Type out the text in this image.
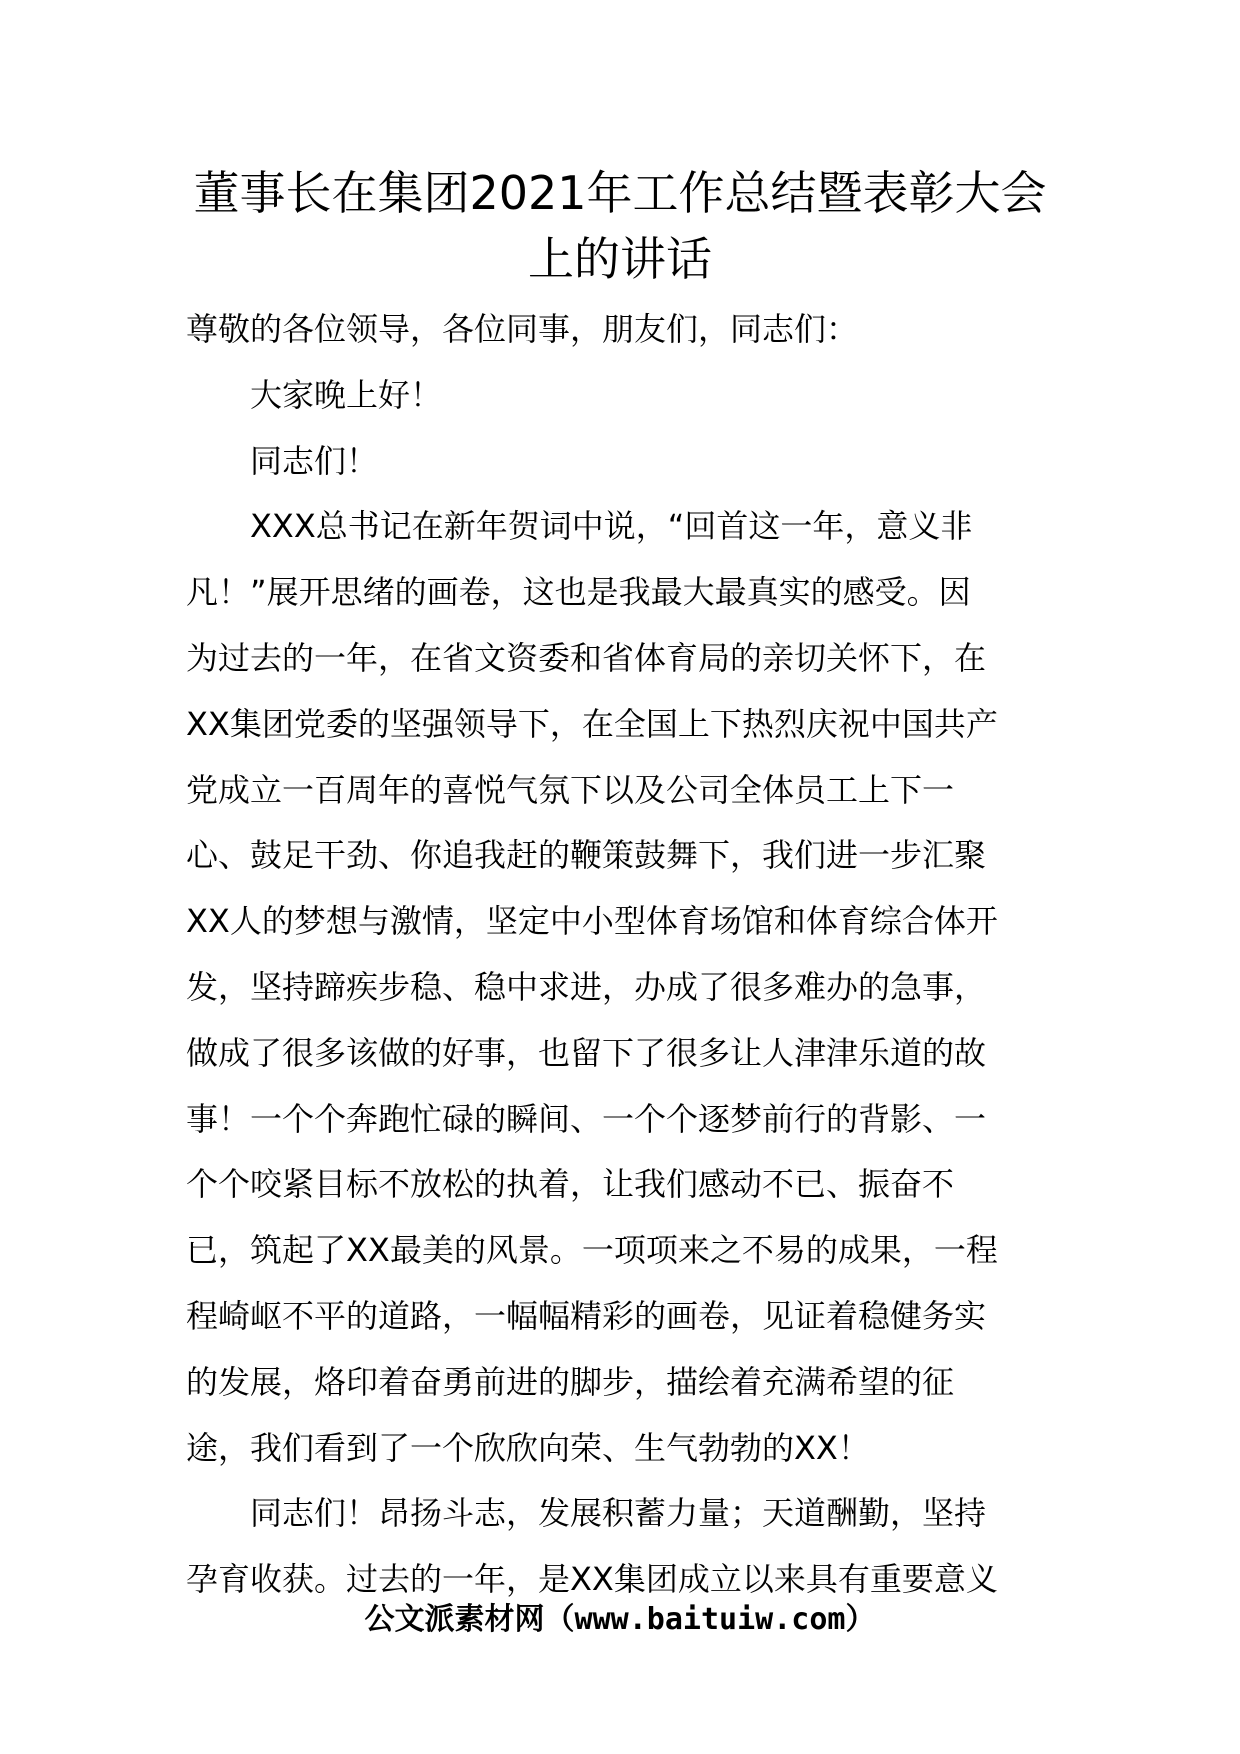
董事长在集团2021年工作总结暨表彰大会
上的讲话
尊敬的各位领导，各位同事，朋友们，同志们：
大家晚上好！
同志们！
XXX总书记在新年贺词中说，“回首这一年，意义非
凡！”展开思绪的画卷，这也是我最大最真实的感受。因
为过去的一年，在省文资委和省体育局的亲切关怀下，在
XX集团党委的坚强领导下，在全国上下热烈庆祝中国共产
党成立一百周年的喜悦气氛下以及公司全体员工上下一
心、鼓足干劲、你追我赶的鞭策鼓舞下，我们进一步汇聚
XX人的梦想与激情，坚定中小型体育场馆和体育综合体开
发，坚持蹄疾步稳、稳中求进，办成了很多难办的急事，
做成了很多该做的好事，也留下了很多让人津津乐道的故
事！一个个奔跑忙碌的瞬间、一个个逐梦前行的背影、一
个个咬紧目标不放松的执着，让我们感动不已、振奋不
已，筑起了XX最美的风景。一项项来之不易的成果，一程
程崎岖不平的道路，一幅幅精彩的画卷，见证着稳健务实
的发展，烙印着奋勇前进的脚步，描绘着充满希望的征
途，我们看到了一个欣欣向荣、生气勃勃的XX！
同志们！昂扬斗志，发展积蓄力量；天道酬勤，坚持
孕育收获。过去的一年，是XX集团成立以来具有重要意义
公文派素材网（www.baituiw.com）
